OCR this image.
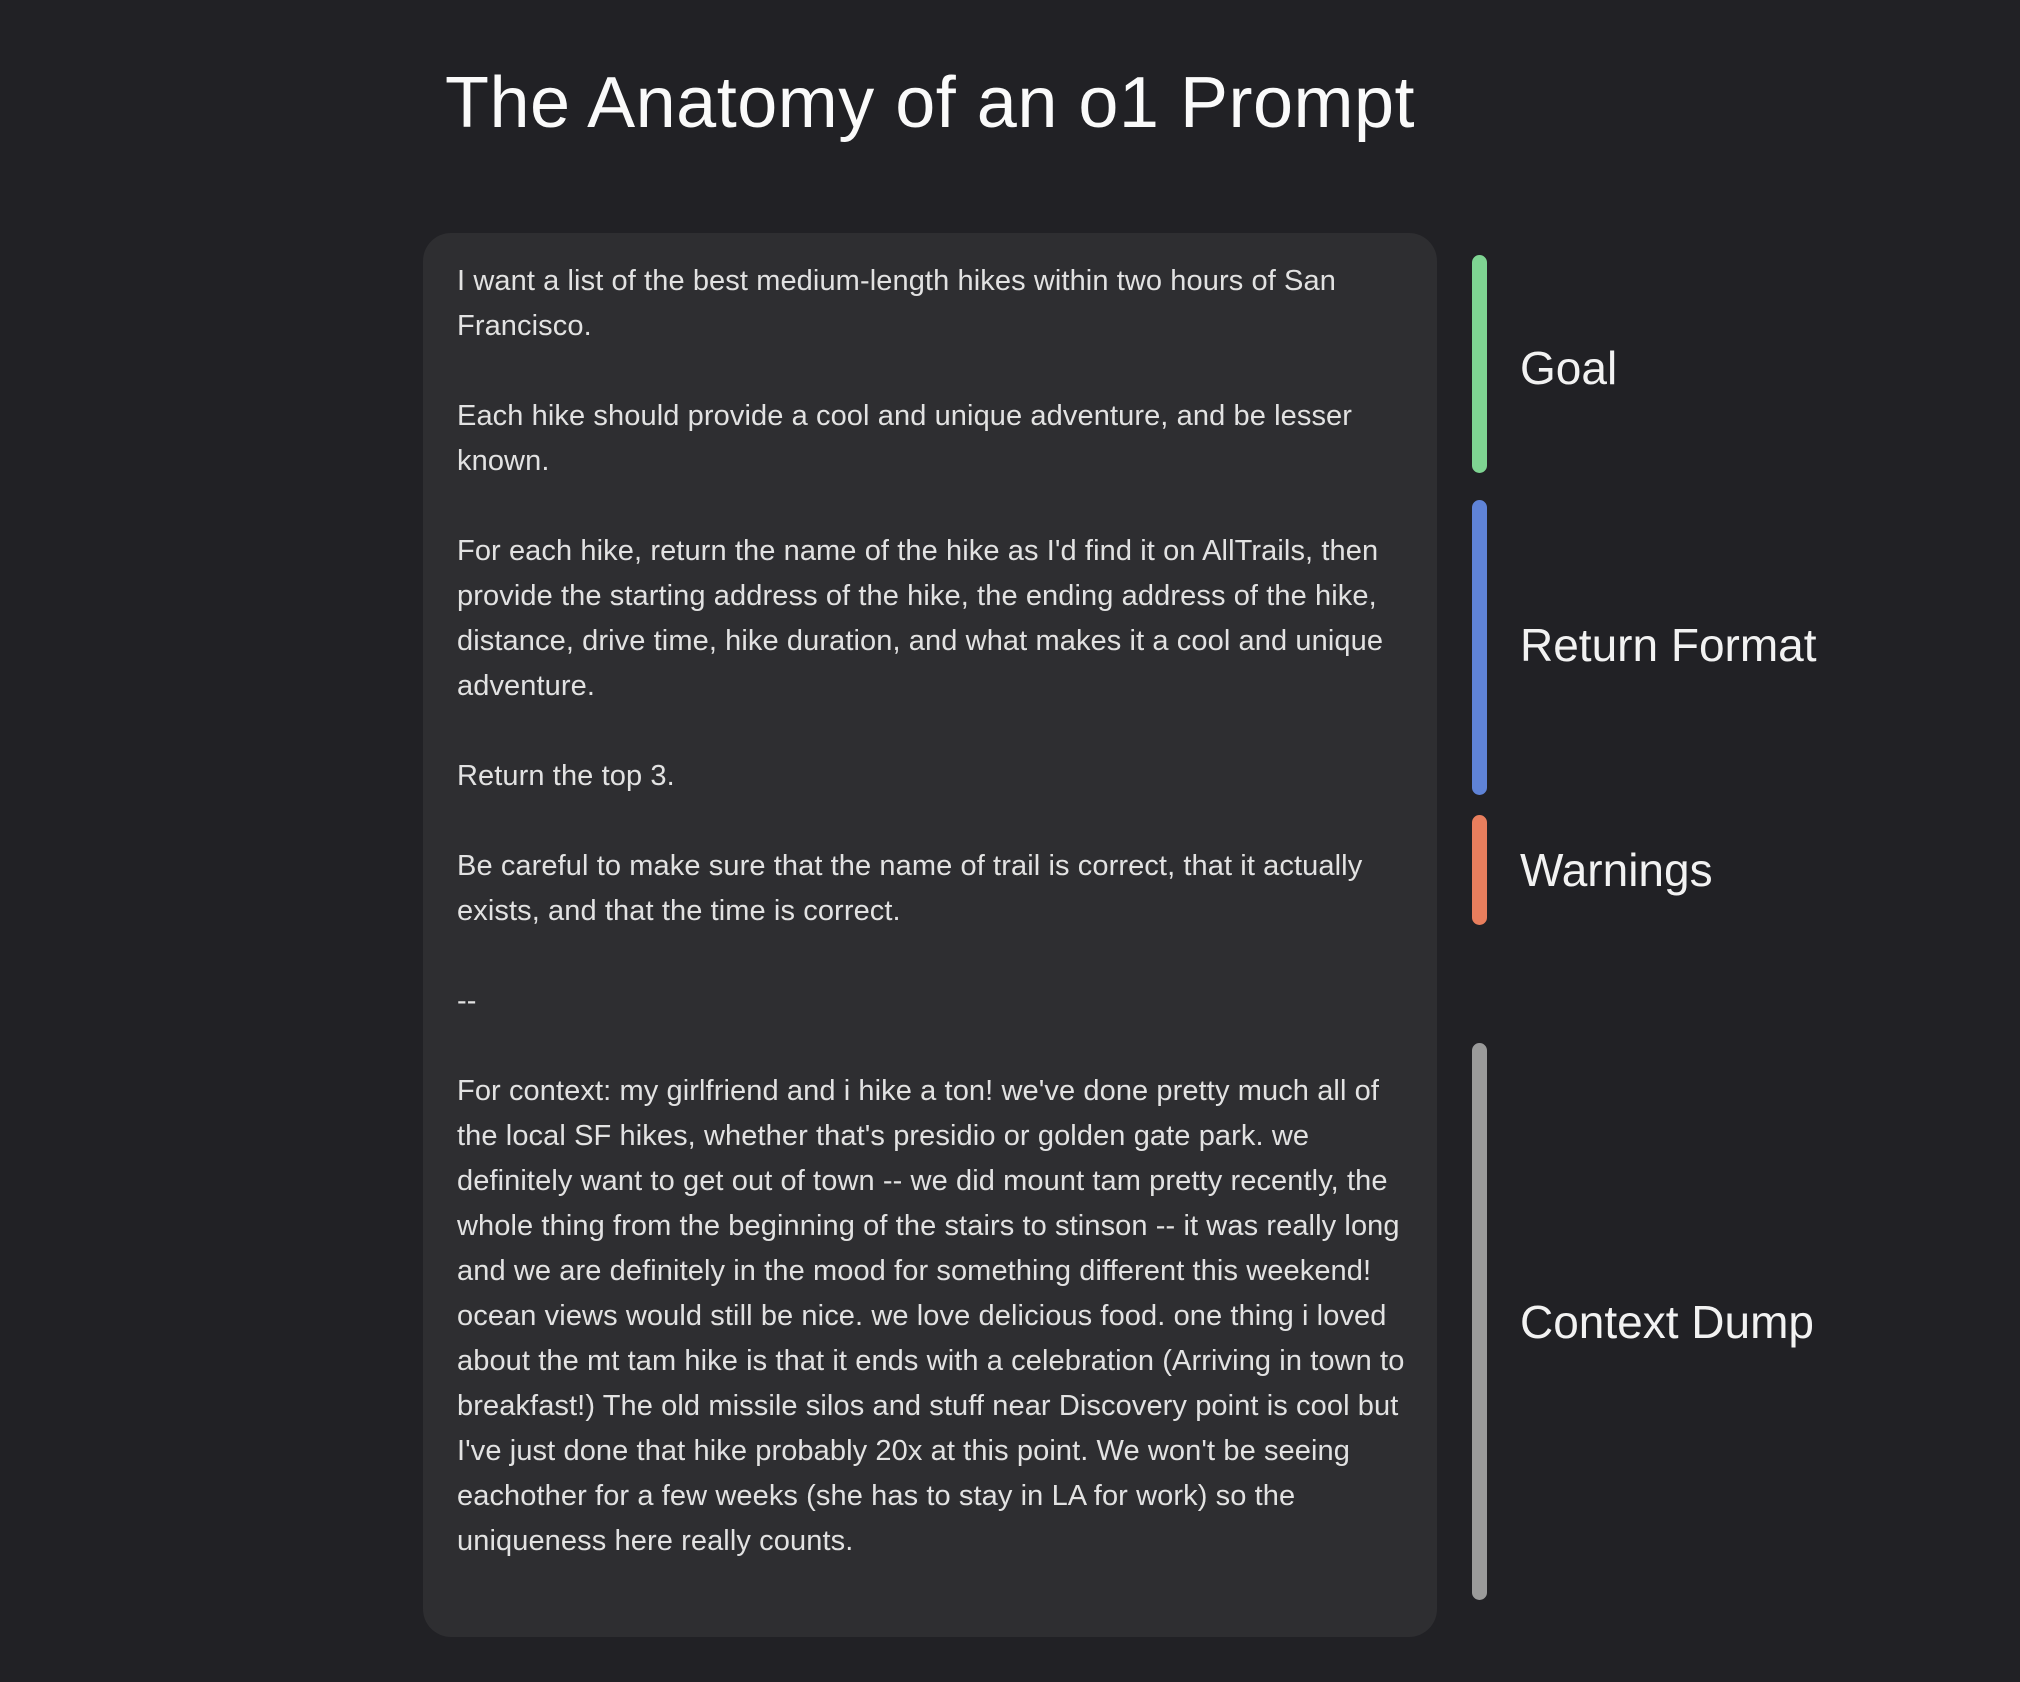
The Anatomy of an o1 Prompt

I want a list of the best medium-length hikes within two hours of San Francisco.

Each hike should provide a cool and unique adventure, and be lesser known.

For each hike, return the name of the hike as I'd find it on AllTrails, then provide the starting address of the hike, the ending address of the hike, distance, drive time, hike duration, and what makes it a cool and unique adventure.

Return the top 3.

Be careful to make sure that the name of trail is correct, that it actually exists, and that the time is correct.

--

For context: my girlfriend and i hike a ton! we've done pretty much all of the local SF hikes, whether that's presidio or golden gate park. we definitely want to get out of town -- we did mount tam pretty recently, the whole thing from the beginning of the stairs to stinson -- it was really long and we are definitely in the mood for something different this weekend! ocean views would still be nice. we love delicious food. one thing i loved about the mt tam hike is that it ends with a celebration (Arriving in town to breakfast!) The old missile silos and stuff near Discovery point is cool but I've just done that hike probably 20x at this point. We won't be seeing eachother for a few weeks (she has to stay in LA for work) so the uniqueness here really counts.

Goal
Return Format
Warnings
Context Dump
